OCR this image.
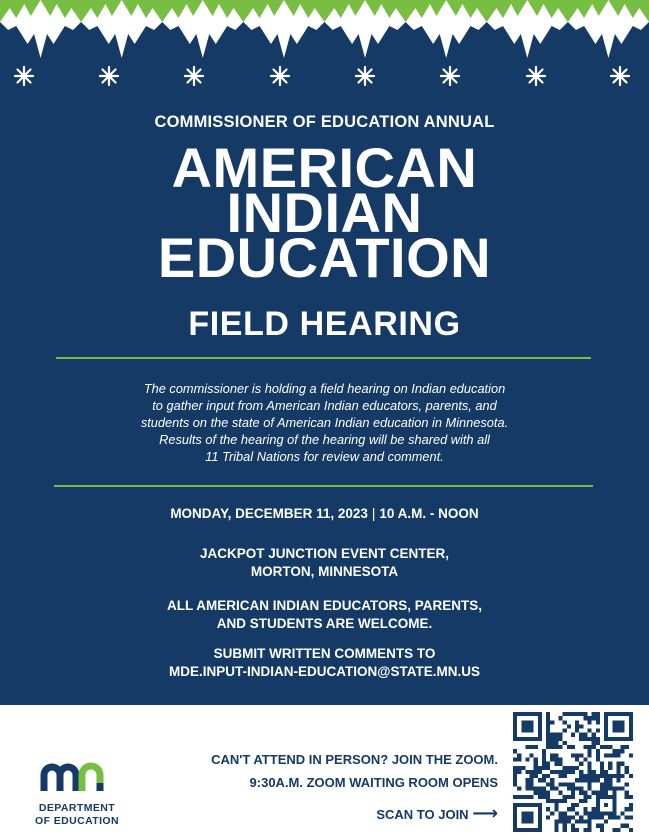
COMMISSIONER OF EDUCATION ANNUAL
AMERICAN
INDIAN
EDUCATION
FIELD HEARING
The commissioner is holding a field hearing on Indian education
to gather input from American Indian educators, parents, and
students on the state of American Indian education in Minnesota.
Results of the hearing of the hearing will be shared with all
11 Tribal Nations for review and comment.
MONDAY, DECEMBER 11, 2023 | 10 A.M. - NOON
JACKPOT JUNCTION EVENT CENTER,
MORTON, MINNESOTA
ALL AMERICAN INDIAN EDUCATORS, PARENTS,
AND STUDENTS ARE WELCOME.
SUBMIT WRITTEN COMMENTS TO
MDE.INPUT-INDIAN-EDUCATION@STATE.MN.US
DEPARTMENT
OF EDUCATION
CAN'T ATTEND IN PERSON? JOIN THE ZOOM.
9:30A.M. ZOOM WAITING ROOM OPENS
SCAN TO JOIN ⟶
